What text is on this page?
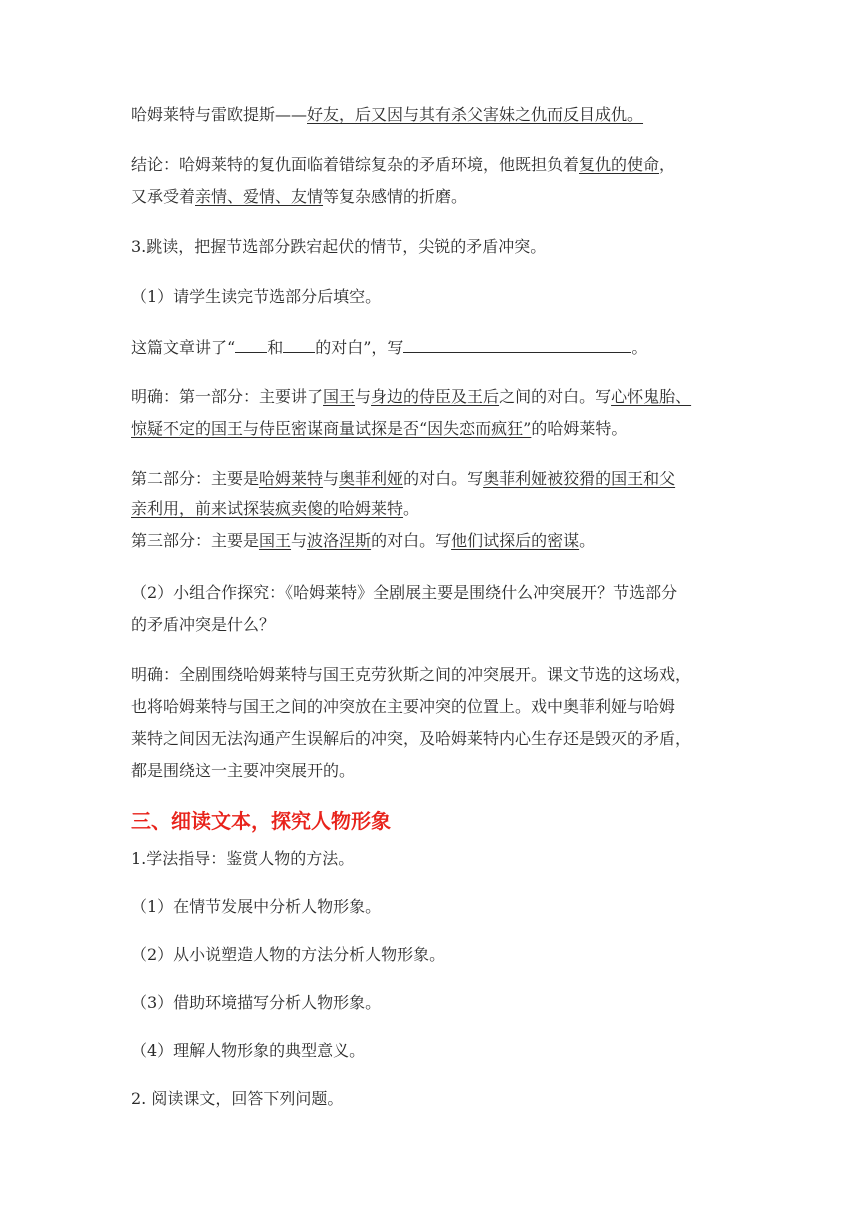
哈姆莱特与雷欧提斯——好友，后又因与其有杀父害妹之仇而反目成仇。
结论：哈姆莱特的复仇面临着错综复杂的矛盾环境，他既担负着复仇的使命，
又承受着亲情、爱情、友情等复杂感情的折磨。
3.跳读，把握节选部分跌宕起伏的情节，尖锐的矛盾冲突。
（1）请学生读完节选部分后填空。
这篇文章讲了“ 和 的对白”，写	。
明确：第一部分：主要讲了国王与身边的侍臣及王后之间的对白。写心怀鬼胎、
惊疑不定的国王与侍臣密谋商量试探是否“因失恋而疯狂”的哈姆莱特。
第二部分：主要是哈姆莱特与奥菲利娅的对白。写奥菲利娅被狡猾的国王和父
亲利用，前来试探装疯卖傻的哈姆莱特。
第三部分：主要是国王与波洛涅斯的对白。写他们试探后的密谋。
（2）小组合作探究：《哈姆莱特》全剧展主要是围绕什么冲突展开？节选部分
的矛盾冲突是什么？
明确：全剧围绕哈姆莱特与国王克劳狄斯之间的冲突展开。课文节选的这场戏，
也将哈姆莱特与国王之间的冲突放在主要冲突的位置上。戏中奥菲利娅与哈姆
莱特之间因无法沟通产生误解后的冲突，及哈姆莱特内心生存还是毁灭的矛盾，
都是围绕这一主要冲突展开的。
三、细读文本，探究人物形象
1.学法指导：鉴赏人物的方法。
（1）在情节发展中分析人物形象。
（2）从小说塑造人物的方法分析人物形象。
（3）借助环境描写分析人物形象。
（4）理解人物形象的典型意义。
2. 阅读课文，回答下列问题。
